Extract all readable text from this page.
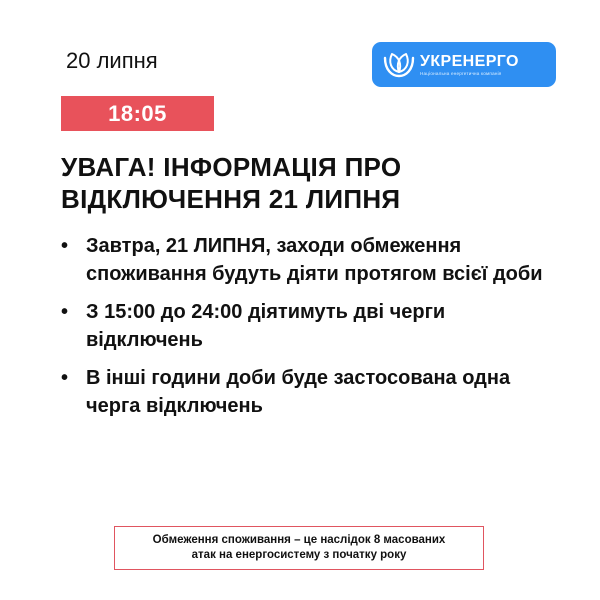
20 липня	УКРЕНЕРГО
Національна енергетична компанія
18:05
УВАГА! ІНФОРМАЦІЯ ПРО
ВІДКЛЮЧЕННЯ 21 ЛИПНЯ
• Завтра, 21 ЛИПНЯ, заходи обмеження споживання будуть діяти протягом всієї доби
• З 15:00 до 24:00 діятимуть дві черги відключень
• В інші години доби буде застосована одна черга відключень
Обмеження споживання – це наслідок 8 масованих
атак на енергосистему з початку року
